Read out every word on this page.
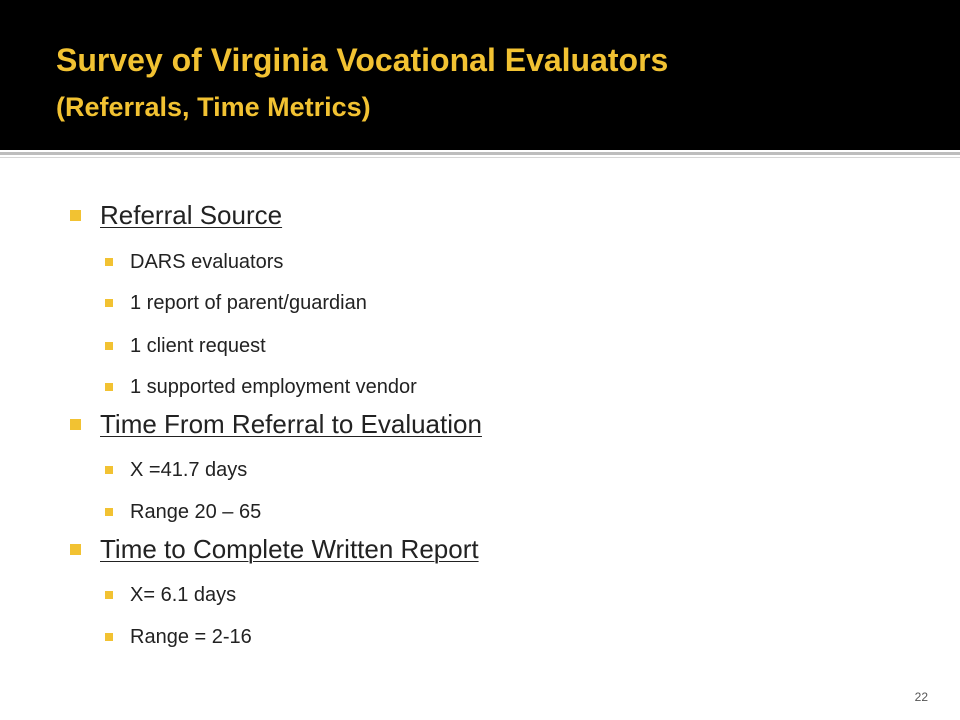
Survey of Virginia Vocational Evaluators
(Referrals, Time Metrics)
Referral Source
DARS evaluators
1 report of parent/guardian
1 client request
1 supported employment vendor
Time From Referral to Evaluation
X =41.7 days
Range 20 – 65
Time to Complete Written Report
X= 6.1 days
Range = 2-16
22
